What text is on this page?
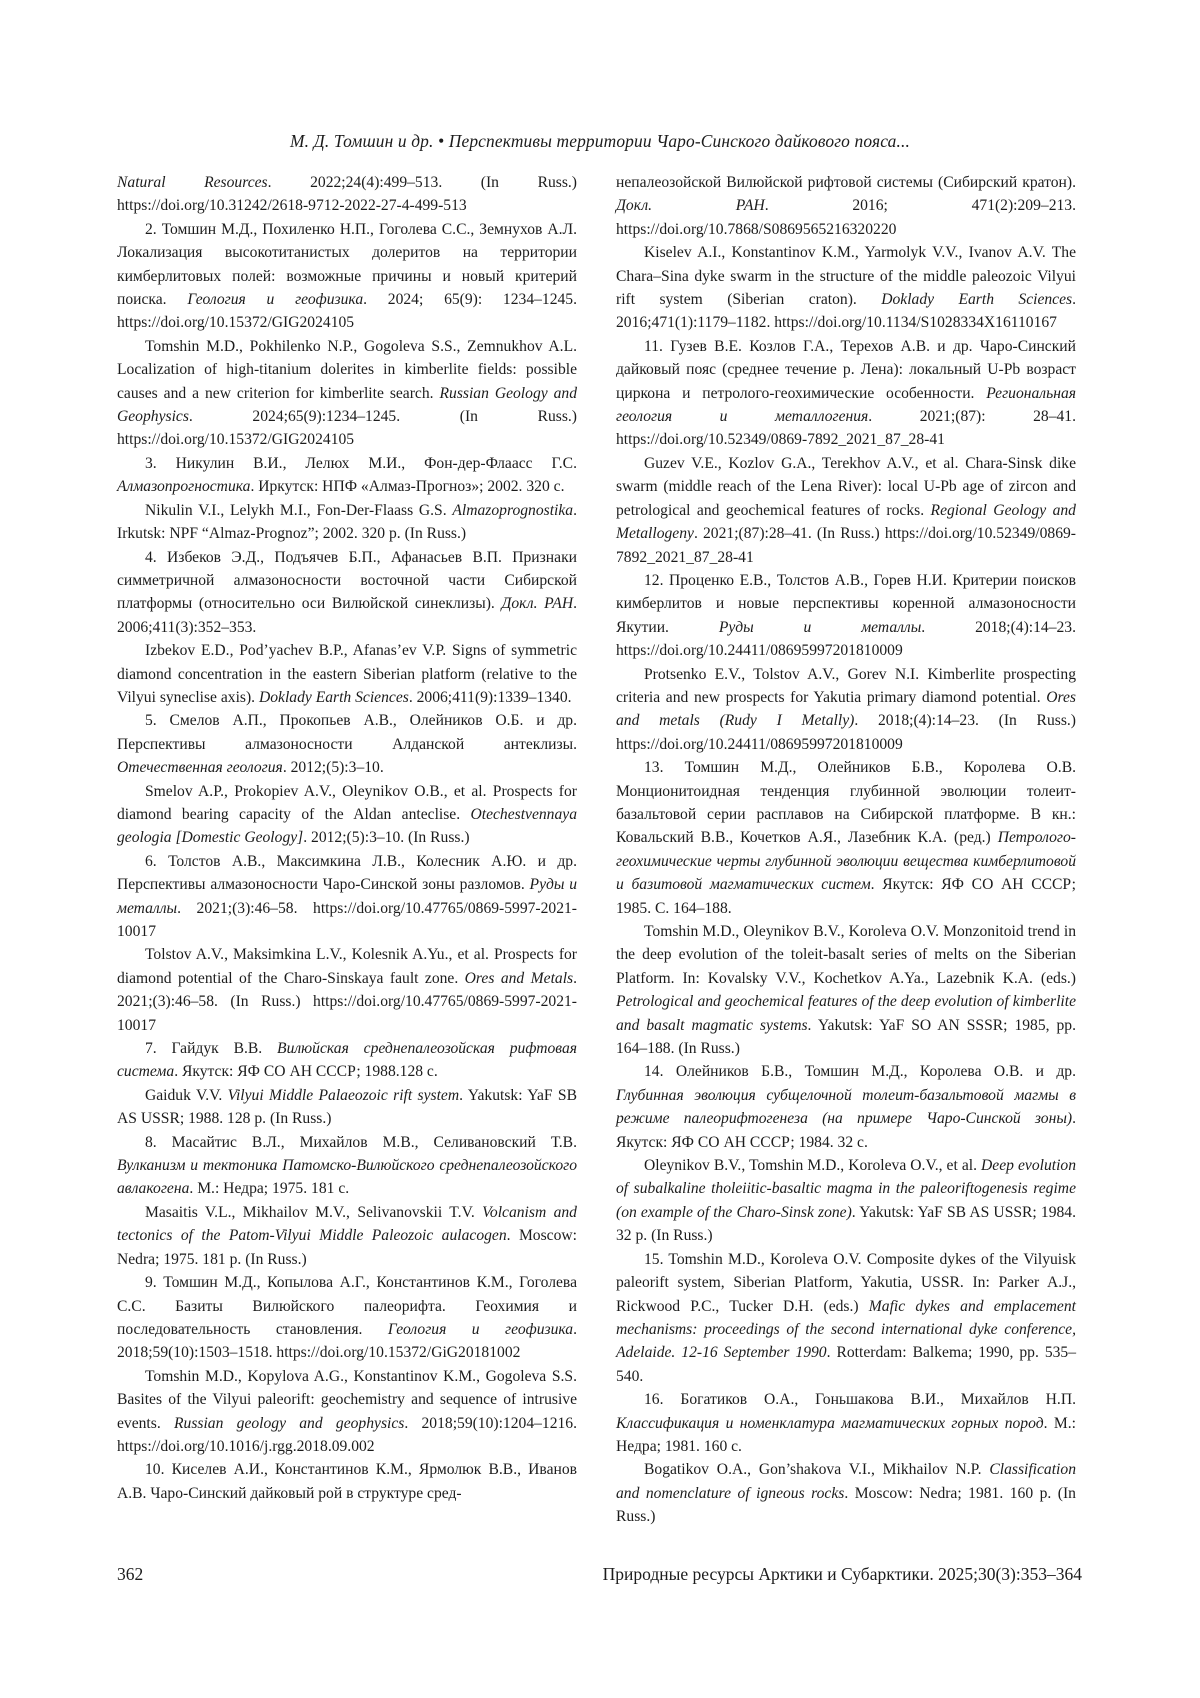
М. Д. Томшин и др. • Перспективы территории Чаро-Синского дайкового пояса...

Natural Resources. 2022;24(4):499–513. (In Russ.) https://doi.org/10.31242/2618-9712-2022-27-4-499-513

2. Томшин М.Д., Похиленко Н.П., Гоголева С.С., Земнухов А.Л. Локализация высокотитанистых долеритов на территории кимберлитовых полей: возможные причины и новый критерий поиска. Геология и геофизика. 2024; 65(9): 1234–1245. https://doi.org/10.15372/GIG2024105

Tomshin M.D., Pokhilenko N.P., Gogoleva S.S., Zemnukhov A.L. Localization of high-titanium dolerites in kimberlite fields: possible causes and a new criterion for kimberlite search. Russian Geology and Geophysics. 2024;65(9):1234–1245. (In Russ.) https://doi.org/10.15372/GIG2024105

3. Никулин В.И., Лелюх М.И., Фон-дер-Флаасс Г.С. Алмазопрогностика. Иркутск: НПФ «Алмаз-Прогноз»; 2002. 320 с.

Nikulin V.I., Lelykh M.I., Fon-Der-Flaass G.S. Almazoprognostika. Irkutsk: NPF “Almaz-Prognoz”; 2002. 320 p. (In Russ.)

4. Избеков Э.Д., Подъячев Б.П., Афанасьев В.П. Признаки симметричной алмазоносности восточной части Сибирской платформы (относительно оси Вилюйской синеклизы). Докл. РАН. 2006;411(3):352–353.

Izbekov E.D., Pod’yachev B.P., Afanas’ev V.P. Signs of symmetric diamond concentration in the eastern Siberian platform (relative to the Vilyui syneclise axis). Doklady Earth Sciences. 2006;411(9):1339–1340.

5. Смелов А.П., Прокопьев А.В., Олейников О.Б. и др. Перспективы алмазоносности Алданской антеклизы. Отечественная геология. 2012;(5):3–10.

Smelov A.P., Prokopiev A.V., Oleynikov O.B., et al. Prospects for diamond bearing capacity of the Aldan anteclise. Otechestvennaya geologia [Domestic Geology]. 2012;(5):3–10. (In Russ.)

6. Толстов А.В., Максимкина Л.В., Колесник А.Ю. и др. Перспективы алмазоносности Чаро-Синской зоны разломов. Руды и металлы. 2021;(3):46–58. https://doi.org/10.47765/0869-5997-2021-10017

Tolstov A.V., Maksimkina L.V., Kolesnik A.Yu., et al. Prospects for diamond potential of the Charo-Sinskaya fault zone. Ores and Metals. 2021;(3):46–58. (In Russ.) https://doi.org/10.47765/0869-5997-2021-10017

7. Гайдук В.В. Вилюйская среднепалеозойская рифтовая система. Якутск: ЯФ СО АН СССР; 1988.128 с.

Gaiduk V.V. Vilyui Middle Palaeozoic rift system. Yakutsk: YaF SB AS USSR; 1988. 128 p. (In Russ.)

8. Масайтис В.Л., Михайлов М.В., Селивановский Т.В. Вулканизм и тектоника Патомско-Вилюйского среднепалеозойского авлакогена. М.: Недра; 1975. 181 с.

Masaitis V.L., Mikhailov M.V., Selivanovskii T.V. Volcanism and tectonics of the Patom-Vilyui Middle Paleozoic aulacogen. Moscow: Nedra; 1975. 181 p. (In Russ.)

9. Томшин М.Д., Копылова А.Г., Константинов К.М., Гоголева С.С. Базиты Вилюйского палеорифта. Геохимия и последовательность становления. Геология и геофизика. 2018;59(10):1503–1518. https://doi.org/10.15372/GiG20181002

Tomshin M.D., Kopylova A.G., Konstantinov K.M., Gogoleva S.S. Basites of the Vilyui paleorift: geochemistry and sequence of intrusive events. Russian geology and geophysics. 2018;59(10):1204–1216. https://doi.org/10.1016/j.rgg.2018.09.002

10. Киселев А.И., Константинов К.М., Ярмолюк В.В., Иванов А.В. Чаро-Синский дайковый рой в структуре сред-

непалеозойской Вилюйской рифтовой системы (Сибирский кратон). Докл. РАН. 2016; 471(2):209–213. https://doi.org/10.7868/S0869565216320220

Kiselev A.I., Konstantinov K.M., Yarmolyk V.V., Ivanov A.V. The Chara–Sina dyke swarm in the structure of the middle paleozoic Vilyui rift system (Siberian craton). Doklady Earth Sciences. 2016;471(1):1179–1182. https://doi.org/10.1134/S1028334X16110167

11. Гузев В.Е. Козлов Г.А., Терехов А.В. и др. Чаро-Синский дайковый пояс (среднее течение р. Лена): локальный U-Pb возраст циркона и петролого-геохимические особенности. Региональная геология и металлогения. 2021;(87): 28–41. https://doi.org/10.52349/0869-7892_2021_87_28-41

Guzev V.E., Kozlov G.A., Terekhov A.V., et al. Chara-Sinsk dike swarm (middle reach of the Lena River): local U-Pb age of zircon and petrological and geochemical features of rocks. Regional Geology and Metallogeny. 2021;(87):28–41. (In Russ.) https://doi.org/10.52349/0869-7892_2021_87_28-41

12. Проценко Е.В., Толстов А.В., Горев Н.И. Критерии поисков кимберлитов и новые перспективы коренной алмазоносности Якутии. Руды и металлы. 2018;(4):14–23. https://doi.org/10.24411/08695997201810009

Protsenko E.V., Tolstov A.V., Gorev N.I. Kimberlite prospecting criteria and new prospects for Yakutia primary diamond potential. Ores and metals (Rudy I Metally). 2018;(4):14–23. (In Russ.) https://doi.org/10.24411/08695997201810009

13. Томшин М.Д., Олейников Б.В., Королева О.В. Монционитоидная тенденция глубинной эволюции толеит-базальтовой серии расплавов на Сибирской платформе. В кн.: Ковальский В.В., Кочетков А.Я., Лазебник К.А. (ред.) Петролого-геохимические черты глубинной эволюции вещества кимберлитовой и базитовой магматических систем. Якутск: ЯФ СО АН СССР; 1985. С. 164–188.

Tomshin M.D., Oleynikov B.V., Koroleva O.V. Monzonitoid trend in the deep evolution of the toleit-basalt series of melts on the Siberian Platform. In: Kovalsky V.V., Kochetkov A.Ya., Lazebnik K.A. (eds.) Petrological and geochemical features of the deep evolution of kimberlite and basalt magmatic systems. Yakutsk: YaF SO AN SSSR; 1985, pp. 164–188. (In Russ.)

14. Олейников Б.В., Томшин М.Д., Королева О.В. и др. Глубинная эволюция субщелочной толеит-базальтовой магмы в режиме палеорифтогенеза (на примере Чаро-Синской зоны). Якутск: ЯФ СО АН СССР; 1984. 32 с.

Oleynikov B.V., Tomshin M.D., Koroleva O.V., et al. Deep evolution of subalkaline tholeiitic-basaltic magma in the paleoriftogenesis regime (on example of the Charo-Sinsk zone). Yakutsk: YaF SB AS USSR; 1984. 32 p. (In Russ.)

15. Tomshin M.D., Koroleva O.V. Composite dykes of the Vilyuisk paleorift system, Siberian Platform, Yakutia, USSR. In: Parker A.J., Rickwood P.C., Tucker D.H. (eds.) Mafic dykes and emplacement mechanisms: proceedings of the second international dyke conference, Adelaide. 12-16 September 1990. Rotterdam: Balkema; 1990, pp. 535–540.

16. Богатиков О.А., Гоньшакова В.И., Михайлов Н.П. Классификация и номенклатура магматических горных пород. М.: Недра; 1981. 160 с.

Bogatikov O.A., Gon’shakova V.I., Mikhailov N.P. Classification and nomenclature of igneous rocks. Moscow: Nedra; 1981. 160 p. (In Russ.)

362	Природные ресурсы Арктики и Субарктики. 2025;30(3):353–364
